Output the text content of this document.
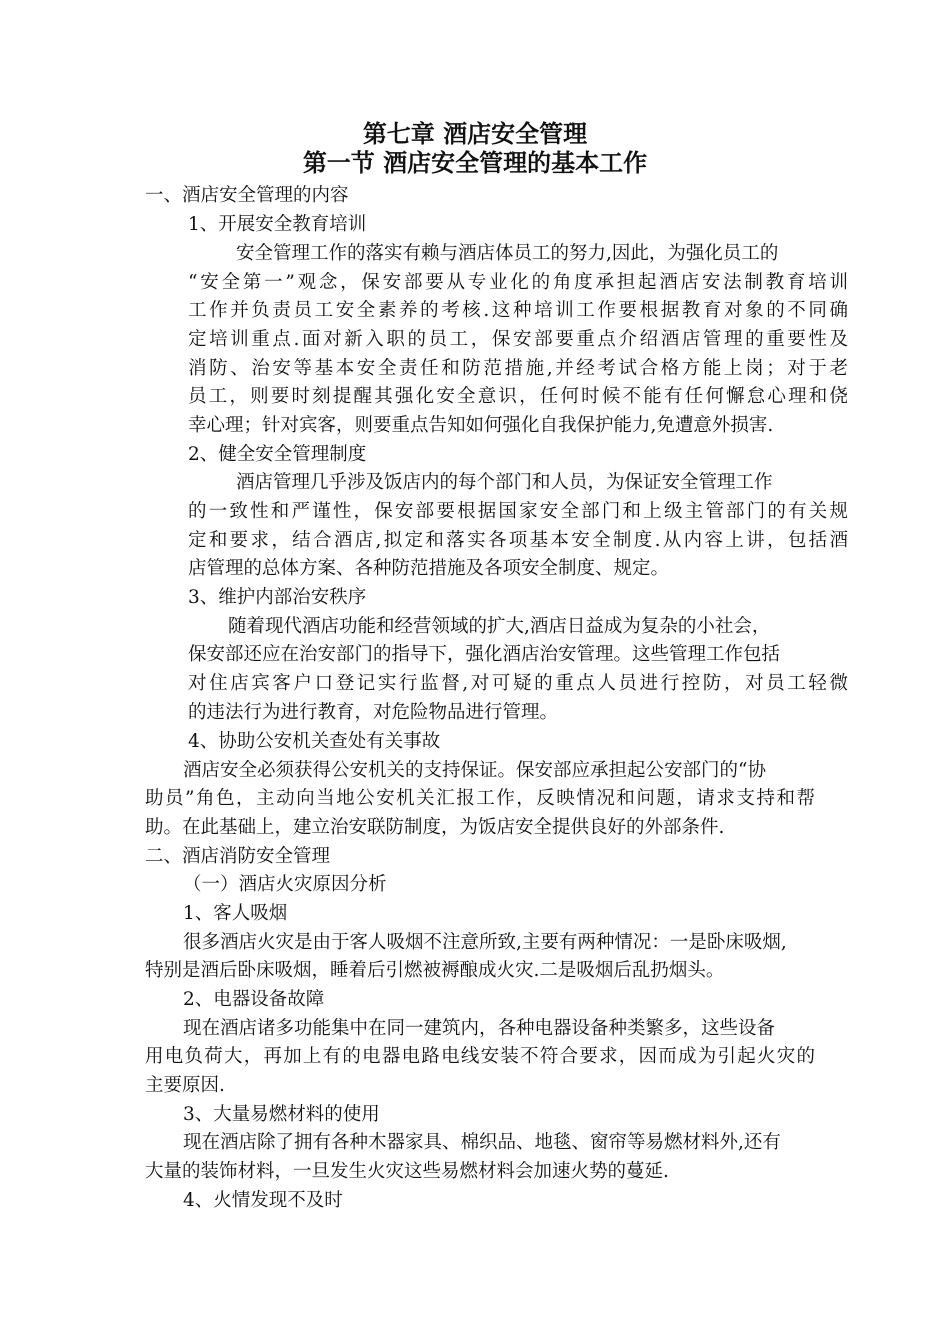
第七章 酒店安全管理
第一节 酒店安全管理的基本工作
一、酒店安全管理的内容
1、开展安全教育培训
安全管理工作的落实有赖与酒店体员工的努力,因此，为强化员工的
“安全第一”观念，保安部要从专业化的角度承担起酒店安法制教育培训
工作并负责员工安全素养的考核.这种培训工作要根据教育对象的不同确
定培训重点.面对新入职的员工，保安部要重点介绍酒店管理的重要性及
消防、治安等基本安全责任和防范措施,并经考试合格方能上岗；对于老
员工，则要时刻提醒其强化安全意识，任何时候不能有任何懈怠心理和侥
幸心理；针对宾客，则要重点告知如何强化自我保护能力,免遭意外损害.
2、健全安全管理制度
酒店管理几乎涉及饭店内的每个部门和人员，为保证安全管理工作
的一致性和严谨性，保安部要根据国家安全部门和上级主管部门的有关规
定和要求，结合酒店,拟定和落实各项基本安全制度.从内容上讲，包括酒
店管理的总体方案、各种防范措施及各项安全制度、规定。
3、维护内部治安秩序
随着现代酒店功能和经营领域的扩大,酒店日益成为复杂的小社会，
保安部还应在治安部门的指导下，强化酒店治安管理。这些管理工作包括
对住店宾客户口登记实行监督,对可疑的重点人员进行控防，对员工轻微
的违法行为进行教育，对危险物品进行管理。
4、协助公安机关查处有关事故
酒店安全必须获得公安机关的支持保证。保安部应承担起公安部门的“协
助员”角色，主动向当地公安机关汇报工作，反映情况和问题，请求支持和帮
助。在此基础上，建立治安联防制度，为饭店安全提供良好的外部条件.
二、酒店消防安全管理
（一）酒店火灾原因分析
1、客人吸烟
很多酒店火灾是由于客人吸烟不注意所致,主要有两种情况：一是卧床吸烟,
特别是酒后卧床吸烟，睡着后引燃被褥酿成火灾.二是吸烟后乱扔烟头。
2、电器设备故障
现在酒店诸多功能集中在同一建筑内，各种电器设备种类繁多，这些设备
用电负荷大，再加上有的电器电路电线安装不符合要求，因而成为引起火灾的
主要原因.
3、大量易燃材料的使用
现在酒店除了拥有各种木器家具、棉织品、地毯、窗帘等易燃材料外,还有
大量的装饰材料，一旦发生火灾这些易燃材料会加速火势的蔓延.
4、火情发现不及时
